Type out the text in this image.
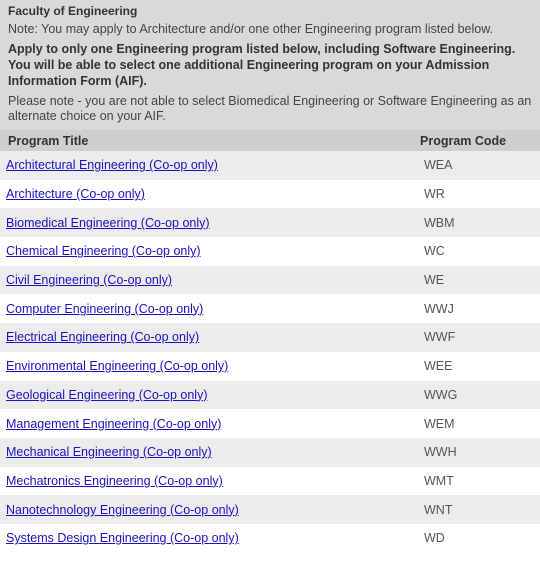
Faculty of Engineering
Note: You may apply to Architecture and/or one other Engineering program listed below.
Apply to only one Engineering program listed below, including Software Engineering. You will be able to select one additional Engineering program on your Admission Information Form (AIF).
Please note - you are not able to select Biomedical Engineering or Software Engineering as an alternate choice on your AIF.
Program Title	Program Code
Architectural Engineering (Co-op only)	WEA
Architecture (Co-op only)	WR
Biomedical Engineering (Co-op only)	WBM
Chemical Engineering (Co-op only)	WC
Civil Engineering (Co-op only)	WE
Computer Engineering (Co-op only)	WWJ
Electrical Engineering (Co-op only)	WWF
Environmental Engineering (Co-op only)	WEE
Geological Engineering (Co-op only)	WWG
Management Engineering (Co-op only)	WEM
Mechanical Engineering (Co-op only)	WWH
Mechatronics Engineering (Co-op only)	WMT
Nanotechnology Engineering (Co-op only)	WNT
Systems Design Engineering (Co-op only)	WD
